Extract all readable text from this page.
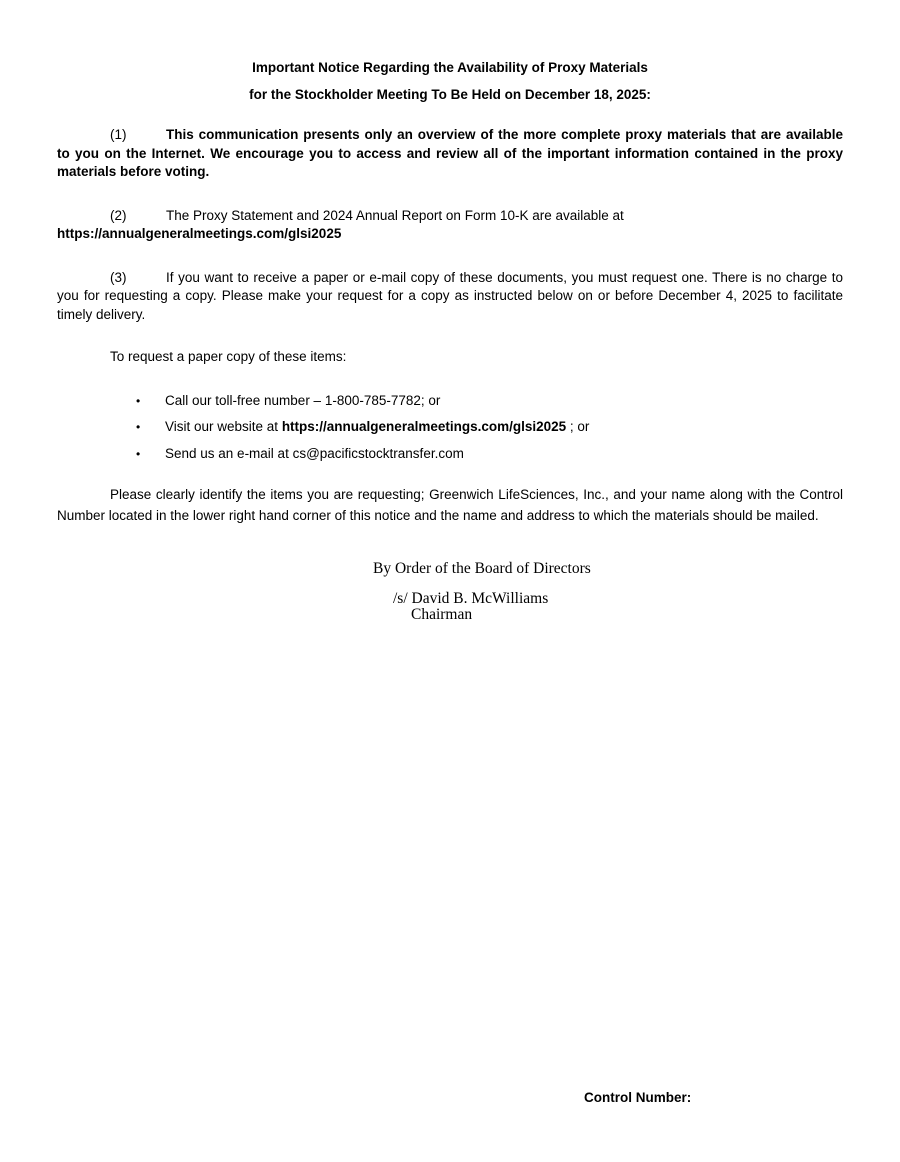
Important Notice Regarding the Availability of Proxy Materials
for the Stockholder Meeting To Be Held on December 18, 2025:

(1)	This communication presents only an overview of the more complete proxy materials that are available to you on the Internet. We encourage you to access and review all of the important information contained in the proxy materials before voting.

(2)	The Proxy Statement and 2024 Annual Report on Form 10-K are available at
https://annualgeneralmeetings.com/glsi2025

(3)	If you want to receive a paper or e-mail copy of these documents, you must request one. There is no charge to you for requesting a copy. Please make your request for a copy as instructed below on or before December 4, 2025 to facilitate timely delivery.

To request a paper copy of these items:

• Call our toll-free number – 1-800-785-7782; or
• Visit our website at https://annualgeneralmeetings.com/glsi2025 ; or
• Send us an e-mail at cs@pacificstocktransfer.com

Please clearly identify the items you are requesting; Greenwich LifeSciences, Inc., and your name along with the Control Number located in the lower right hand corner of this notice and the name and address to which the materials should be mailed.

By Order of the Board of Directors

/s/ David B. McWilliams

Chairman

Control Number:
